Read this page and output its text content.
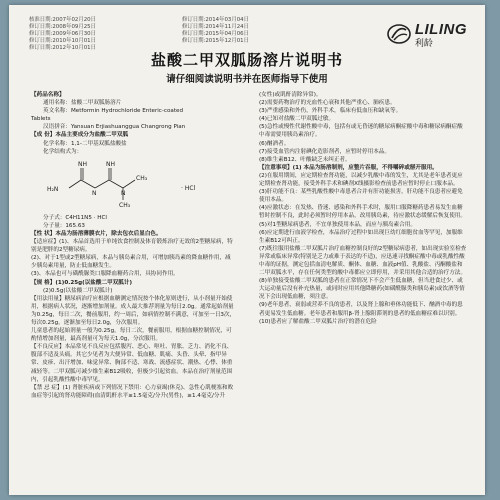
核准日期:2007年02月20日	修订日期:2014年03月04日
修订日期:2008年09月25日	修订日期:2014年11月24日
修订日期:2009年06月30日	修订日期:2015年04月06日
修订日期:2010年10月01日	修订日期:2015年12月01日
修订日期:2012年10月01日
LILING
利龄
盐酸二甲双胍肠溶片说明书
请仔细阅读说明书并在医师指导下使用

【药品名称】

通用名称：盐酸二甲双胍肠溶片

英文名称：Metformin Hydrochloride Enteric-coated

Tablets

汉语拼音：Yansuan Erjiashuanggua Changrong Pian

【成 份】本品主要成分为盐酸二甲双胍

化学名称：1,1-二甲基双胍盐酸盐

化学结构式为：

H₂N
NH
N
NH
N
CH₃
CH₃
· HCl

分子式：C4H11N5 · HCl

分子量：165.63

【性 状】本品为肠溶薄膜衣片，除去包衣后显白色。

【适应症】(1)、本品首选用于单纯饮食控制及体育锻炼治疗无效的2型糖尿病，特别是肥胖的2型糖尿病。

(2)、对于1型或2型糖尿病，本品与胰岛素合用，可增加胰岛素的降血糖作用，减少胰岛素用量，防止低血糖发生。

(3)、本品也可与磺酰脲类口服降血糖药合用，具协同作用。

【规 格】(1)0.25g(以盐酸二甲双胍计)

(2)0.5g(以盐酸二甲双胍计)

【用法用量】糖尿病治疗应根据血糖测定情况按个体化原则进行，从小剂量开始使用，根据病人状况，逐渐增加剂量。成人最大推荐剂量为每日2.0g。通常起始剂量为0.25g，每日二次，餐前服用，约一周后，如病情控制不满意，可加至一日3次，每次0.25g。逐渐加至每日2.0g，分次服用。

儿童患者的起始剂量一般为0.25g，每日二次，餐前服用，根据血糖控制情况，可酌情增加剂量，最高剂量可为每天1.0g，分次服用。

【不良反应】本品常见不良反应包括腹泻、恶心、呕吐、胃胀、乏力、消化不良、腹部不适及头痛。其它少见者为大便异常、低血糖、肌痛、头昏、头晕、指甲异常、皮疹、出汗增加、味觉异常、胸部不适、寒战、流感症状、潮热、心悸、体重减轻等。二甲双胍可减少维生素B12吸收，但极少引起贫血。本品在治疗剂量范围内，引起乳酸性酸中毒罕见。

【禁 忌 症】(1) 肾脏疾病或下列情况下禁用：心力衰竭(休克)、急性心肌梗塞和败血症等引起的肾功能障碍(血清肌酐水平≥1.5毫克/分升(男性)，≥1.4毫克/分升

(女性)或肌酐清除异常)。

(2)需要药物治疗的充血性心衰和其他严重心、肺疾患。

(3)严重感染和外伤，外科手术，临床有低血压和缺氧等。

(4)已知对盐酸二甲双胍过敏。

(5)急性或慢性代谢性酸中毒，包括有或无昏迷的糖尿病酮症酸中毒和糖尿病酮症酸中毒需要用胰岛素治疗。

(6)酗酒者。

(7)接受血管内注射碘化造影剂者，应暂时停用本品。

(8)维生素B12、叶酸缺乏未纠正者。

【注意事项】(1) 本品为肠溶制剂，应整片吞服，不得嚼碎或掰开服用。

(2)在服用期间，应定期检查肾功能，以减少乳酸中毒的发生，尤其是老年患者更应定期检查肾功能，接受外科手术和碘剂X线摄影检查前患者应暂时停止口服本品。

(3)肝功能不良：某些乳酸性酸中毒患者合并有肝功能损害，肝功能不良患者应避免使用本品。

(4)应激状态：在发热、昏迷、感染和外科手术时，服用口服降糖药患者易发生血糖暂时控制不良，此时必须暂时停用本品，改用胰岛素，待应激状态缓解后恢复使用。

(5)对1型糖尿病患者，不宜单独使用本品，而应与胰岛素合用。

(6)应定期进行血液学检查，本品治疗过程中如出现巨幼红细胞贫血等罕见，加服维生素B12可纠正。

(7)既往服用盐酸二甲双胍片治疗血糖控制良好的2型糖尿病患者，如出现实验室检查异常或临床异常(特别是乏力或难于表达的不适)，应迅速寻找酮症酸中毒或乳酸性酸中毒的证据，测定包括血清电解质、酮体、血糖、血液pH值、乳酸盐、丙酮酸盐和二甲双胍水平，存在任何类型的酸中毒都应立即停用，并采用其他合适的治疗方法。

(8)单独接受盐酸二甲双胍的患者在正常情况下不会产生低血糖，但当进食过少、或大运动量后没有补充热量，或同时应用其他降糖药(如磺酰脲类和胰岛素)或饮酒等情况下会出现低血糖，须注意。

(9)老年患者，衰弱或营养不良的患者，以及肾上腺和垂体功能低下、酗酒中毒的患者更易发生低血糖。老年患者和服用β-肾上腺阻滞剂的患者的低血糖症难以识别。

(10)患者应了解盐酸二甲双胍片治疗的潜在危险
